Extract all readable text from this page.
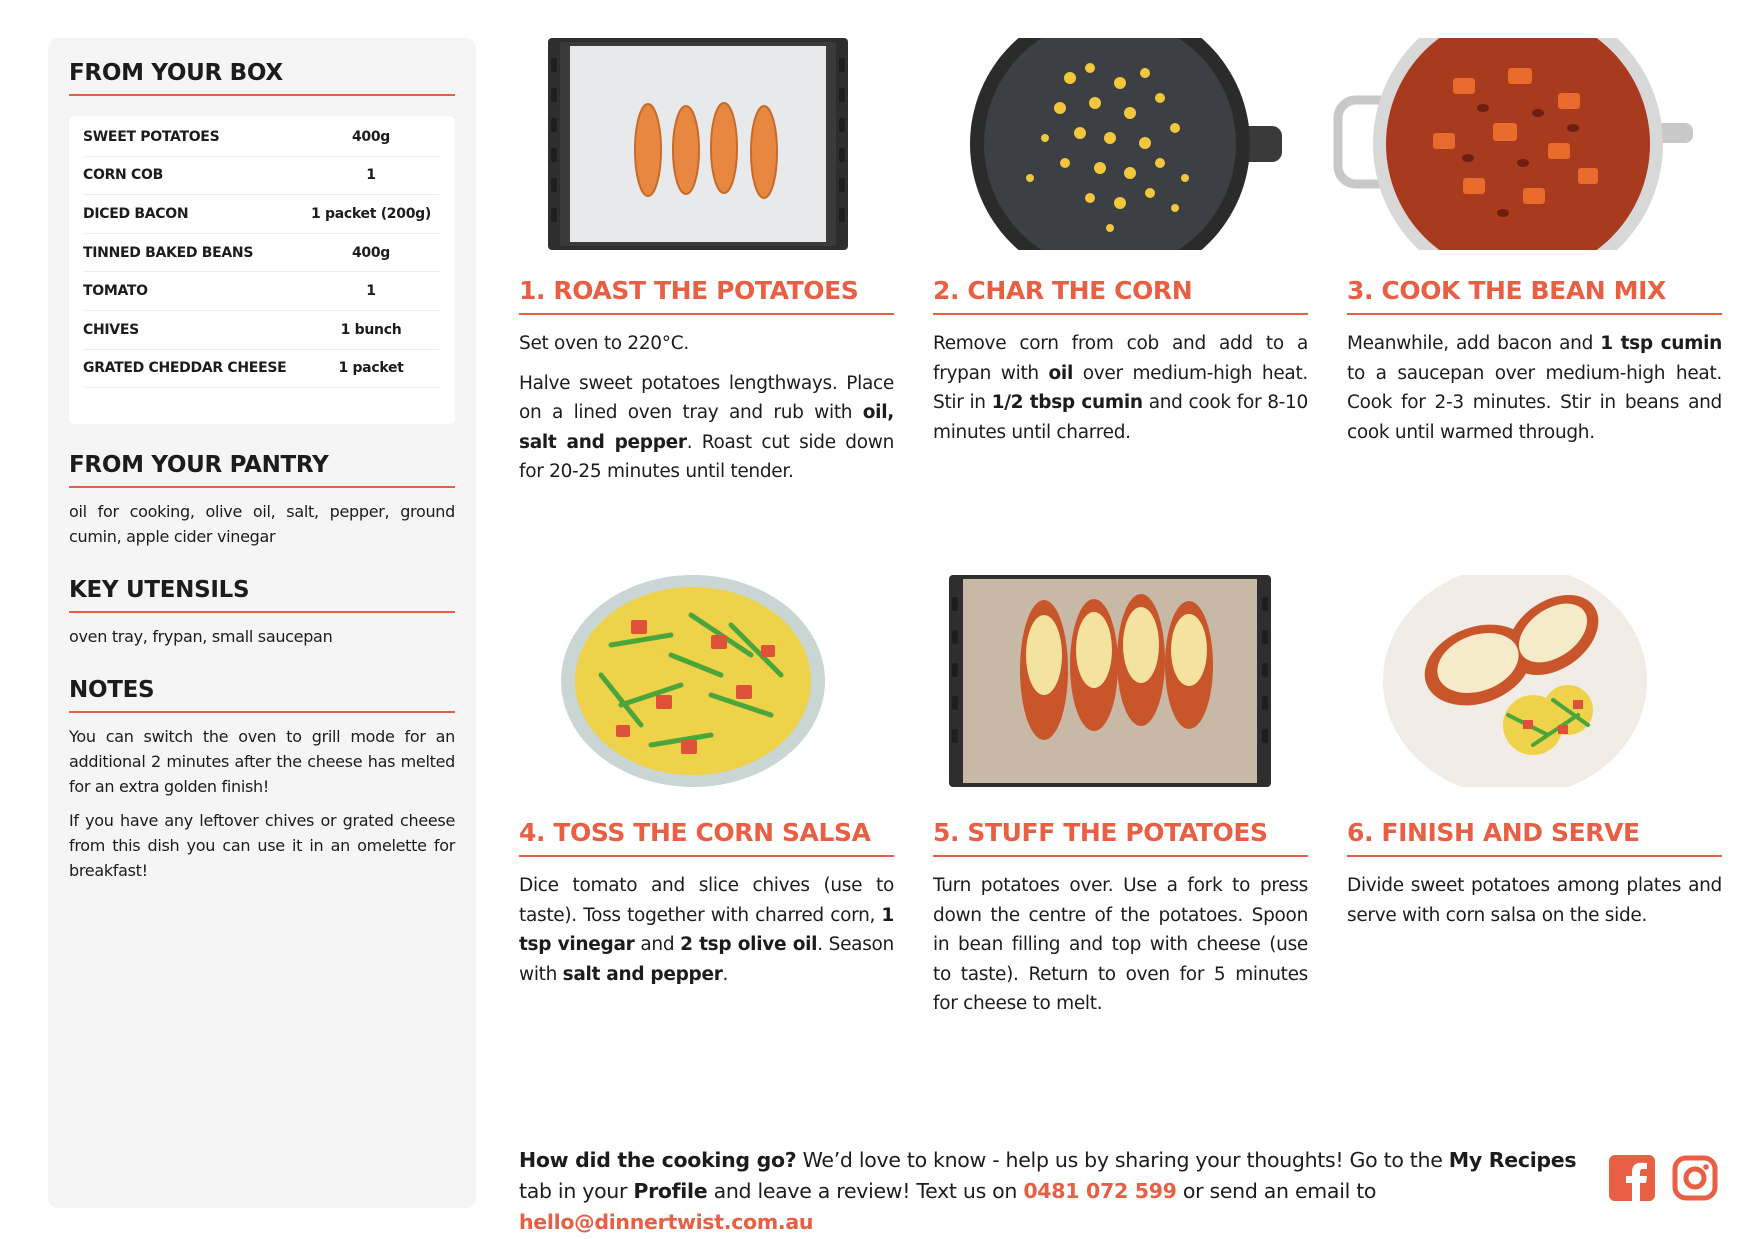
FROM YOUR BOX
SWEET POTATOES	400g
CORN COB	1
DICED BACON	1 packet (200g)
TINNED BAKED BEANS	400g
TOMATO	1
CHIVES	1 bunch
GRATED CHEDDAR CHEESE	1 packet
FROM YOUR PANTRY
oil for cooking, olive oil, salt, pepper, ground cumin, apple cider vinegar
KEY UTENSILS
oven tray, frypan, small saucepan
NOTES
You can switch the oven to grill mode for an additional 2 minutes after the cheese has melted for an extra golden finish!
If you have any leftover chives or grated cheese from this dish you can use it in an omelette for breakfast!
1. ROAST THE POTATOES

Set oven to 220°C.

Halve sweet potatoes lengthways. Place on a lined oven tray and rub with oil, salt and pepper. Roast cut side down for 20-25 minutes until tender.

2. CHAR THE CORN

Remove corn from cob and add to a frypan with oil over medium-high heat. Stir in 1/2 tbsp cumin and cook for 8-10 minutes until charred.

3. COOK THE BEAN MIX

Meanwhile, add bacon and 1 tsp cumin to a saucepan over medium-high heat. Cook for 2-3 minutes. Stir in beans and cook until warmed through.

4. TOSS THE CORN SALSA

Dice tomato and slice chives (use to taste). Toss together with charred corn, 1 tsp vinegar and 2 tsp olive oil. Season with salt and pepper.

5. STUFF THE POTATOES

Turn potatoes over. Use a fork to press down the centre of the potatoes. Spoon in bean filling and top with cheese (use to taste). Return to oven for 5 minutes for cheese to melt.

6. FINISH AND SERVE

Divide sweet potatoes among plates and serve with corn salsa on the side.

How did the cooking go? We’d love to know - help us by sharing your thoughts! Go to the My Recipes tab in your Profile and leave a review! Text us on 0481 072 599 or send an email to hello@dinnertwist.com.au
